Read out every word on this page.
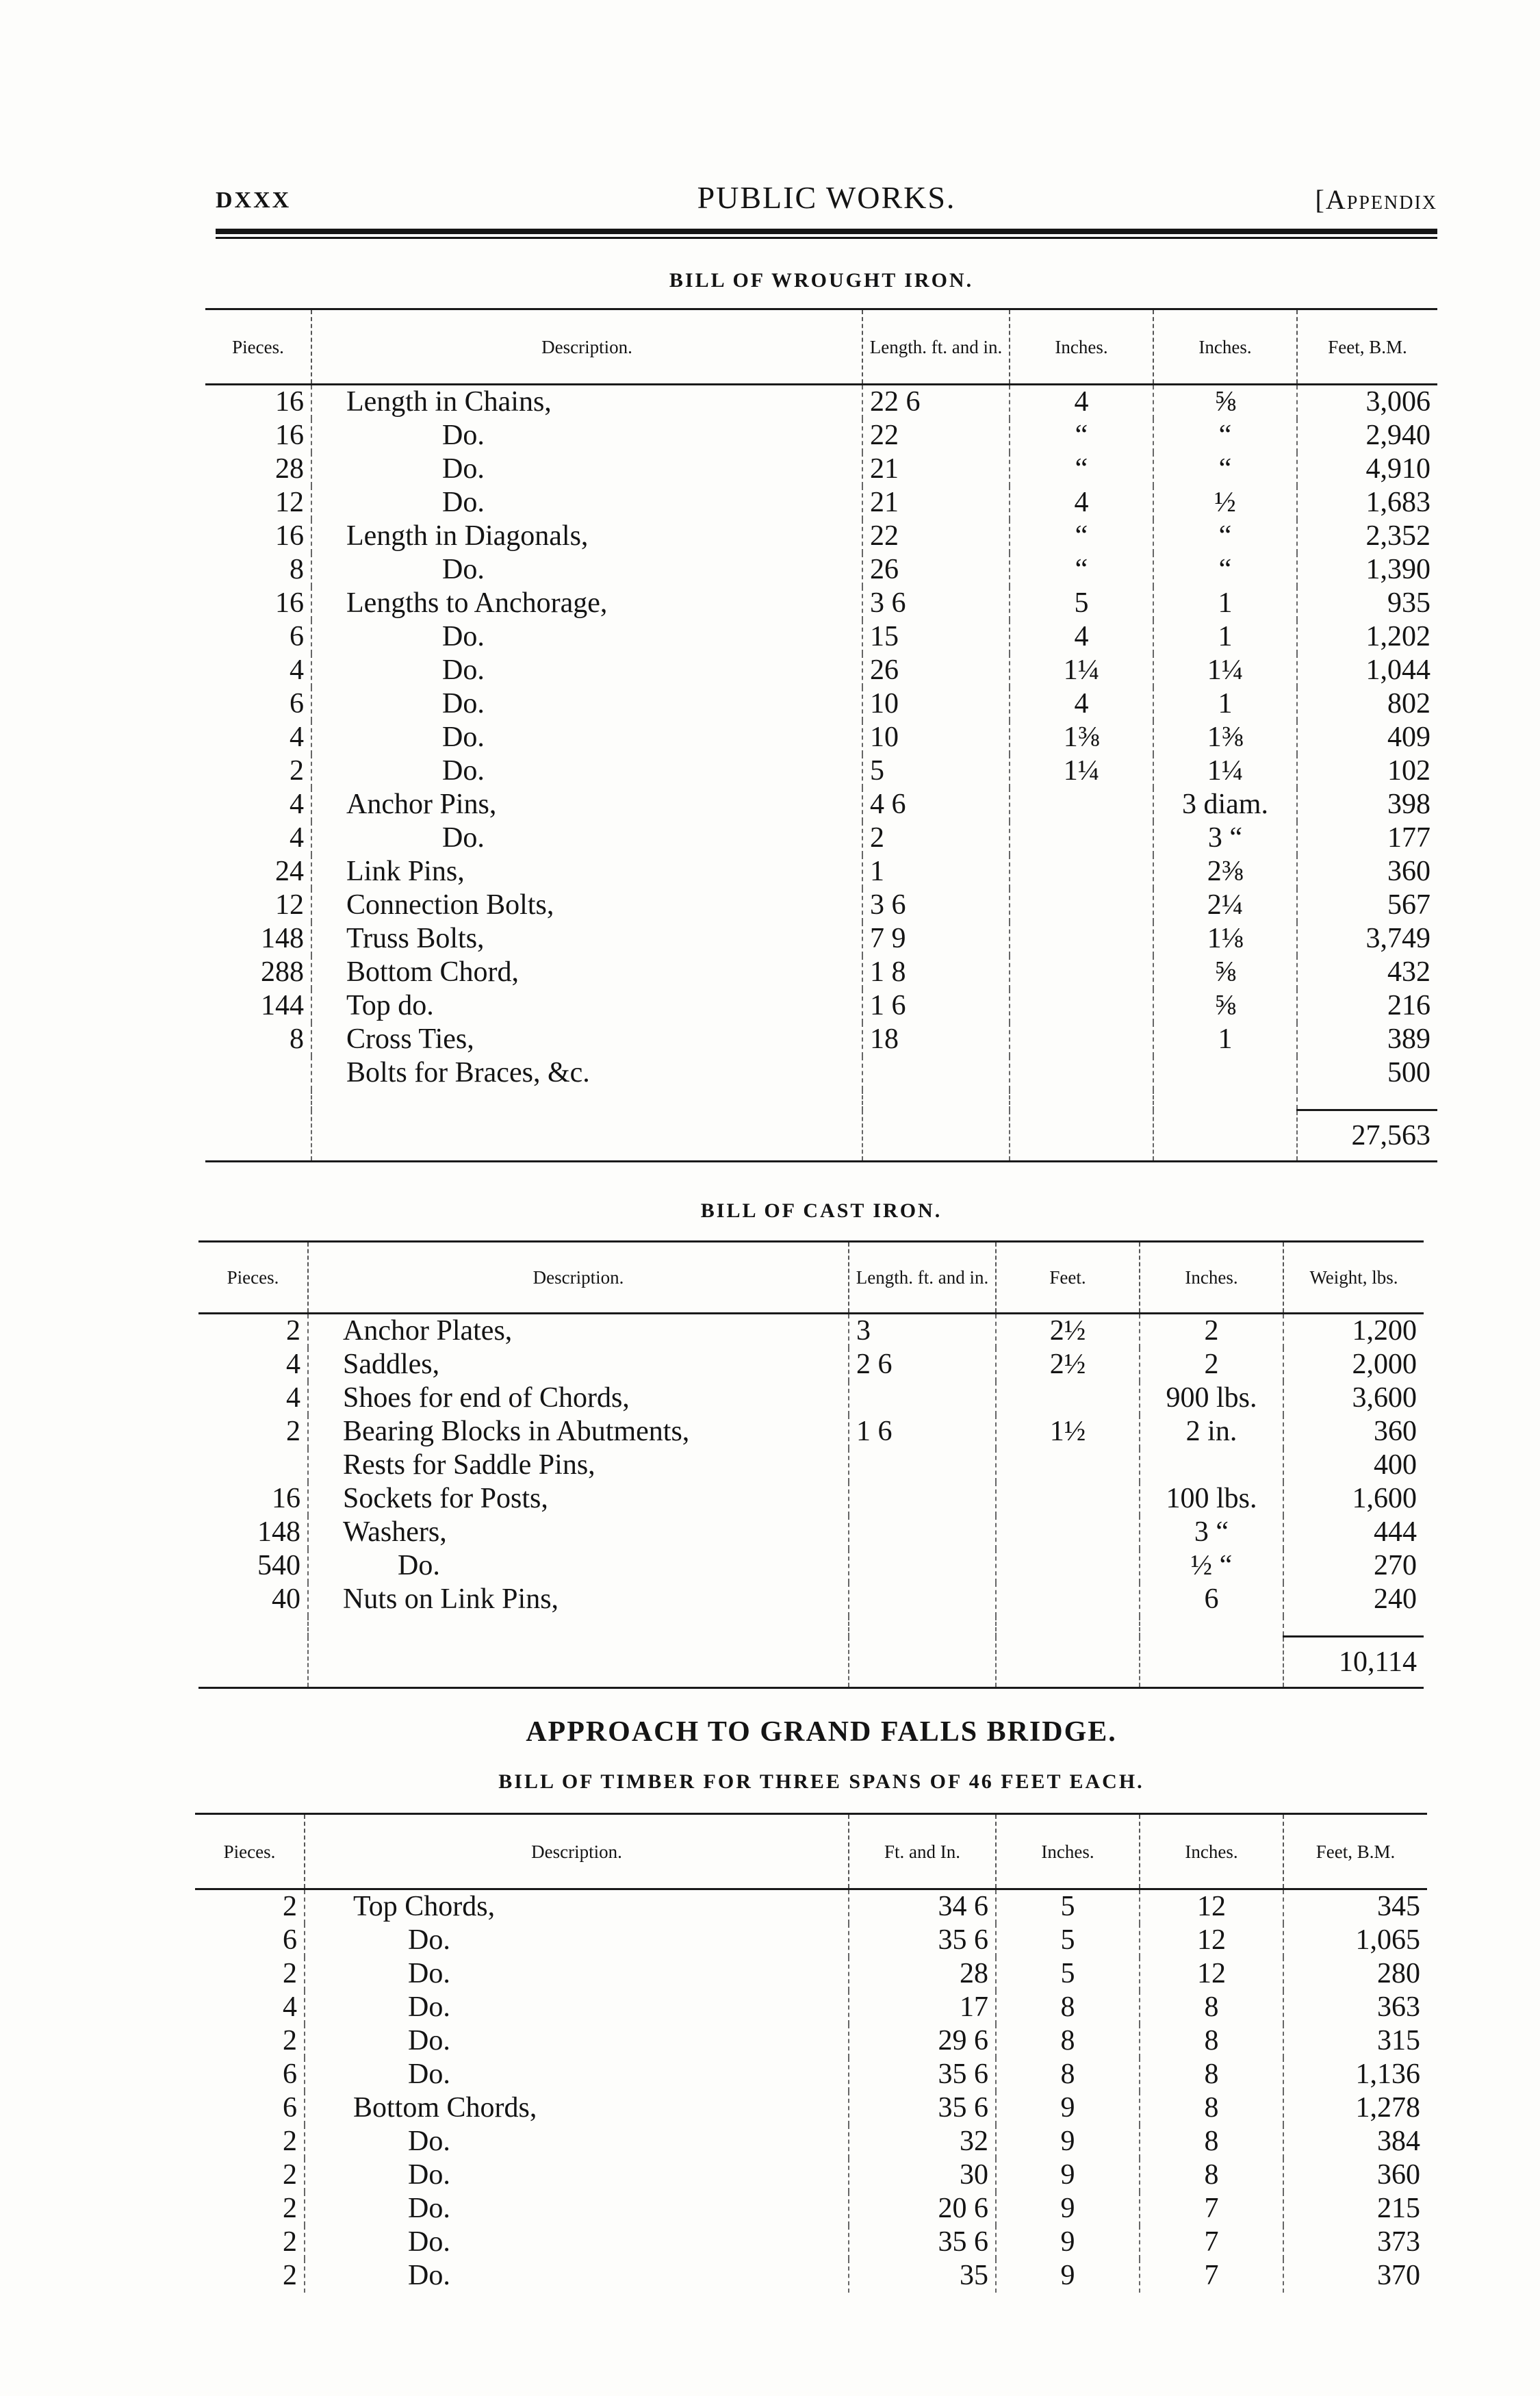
DXXX	PUBLIC WORKS.	[Appendix
BILL OF WROUGHT IRON.
Pieces.	Description.	Length. ft. and in.	Inches.	Inches.	Feet, B.M.
16	Length in Chains,	22 6	4	⅝	3,006
16	Do.	22	“	“	2,940
28	Do.	21	“	“	4,910
12	Do.	21	4	½	1,683
16	Length in Diagonals,	22	“	“	2,352
8	Do.	26	“	“	1,390
16	Lengths to Anchorage,	3 6	5	1	935
6	Do.	15	4	1	1,202
4	Do.	26	1¼	1¼	1,044
6	Do.	10	4	1	802
4	Do.	10	1⅜	1⅜	409
2	Do.	5	1¼	1¼	102
4	Anchor Pins,	4 6		3 diam.	398
4	Do.	2		3 “	177
24	Link Pins,	1		2⅜	360
12	Connection Bolts,	3 6		2¼	567
148	Truss Bolts,	7 9		1⅛	3,749
288	Bottom Chord,	1 8		⅝	432
144	Top do.	1 6		⅝	216
8	Cross Ties,	18		1	389
	Bolts for Braces, &c.				500

					27,563
BILL OF CAST IRON.
Pieces.	Description.	Length. ft. and in.	Feet.	Inches.	Weight, lbs.
2	Anchor Plates,	3	2½	2	1,200
4	Saddles,	2 6	2½	2	2,000
4	Shoes for end of Chords,			900 lbs.	3,600
2	Bearing Blocks in Abutments,	1 6	1½	2 in.	360
	Rests for Saddle Pins,				400
16	Sockets for Posts,			100 lbs.	1,600
148	Washers,			3 “	444
540	Do.			½ “	270
40	Nuts on Link Pins,			6	240

					10,114
APPROACH TO GRAND FALLS BRIDGE.
BILL OF TIMBER FOR THREE SPANS OF 46 FEET EACH.
Pieces.	Description.	Ft. and In.	Inches.	Inches.	Feet, B.M.
2	Top Chords,	34 6	5	12	345
6	Do.	35 6	5	12	1,065
2	Do.	28	5	12	280
4	Do.	17	8	8	363
2	Do.	29 6	8	8	315
6	Do.	35 6	8	8	1,136
6	Bottom Chords,	35 6	9	8	1,278
2	Do.	32	9	8	384
2	Do.	30	9	8	360
2	Do.	20 6	9	7	215
2	Do.	35 6	9	7	373
2	Do.	35	9	7	370
